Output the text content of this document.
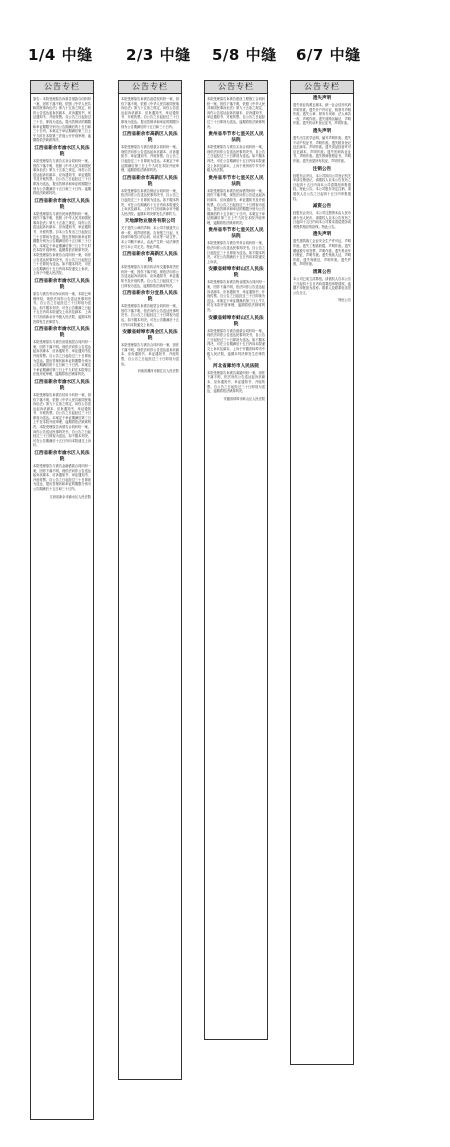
1/4 中缝 2/3 中缝 5/8 中缝 6/7 中缝
公告专栏
原告：本院受理原告诉被告借款合同纠纷一案，因你下落不明，依照《中华人民共和国民事诉讼法》第九十五条之规定，向你公告送达起诉状副本、应诉通知书、举证通知书、开庭传票。自公告之日起经过三十日，即视为送达。提出答辩状的期限和举证期限分别为公告期满后的十五日和三十日内。本案定于举证期满后第三日上午九时在本院第三法庭公开开庭审理，逾期将依法缺席判决。
江西省新余市渝水区人民法院
本院受理原告与被告买卖合同纠纷一案，因你下落不明，依照《中华人民共和国民事诉讼法》第九十五条之规定，向你公告送达起诉状副本、应诉通知书、举证通知书及开庭传票。自公告之日起经过三十日即视为送达，提出答辩状和举证的期限分别为公告期满后十五日和三十日内。逾期将依法缺席判决。
江西省新余市渝水区人民法院
本院受理原告与被告民间借贷纠纷一案，因你下落不明，依照《中华人民共和国民事诉讼法》第九十五条之规定，向你公告送达起诉状副本、应诉通知书、举证通知书、开庭传票。自本公告发出之日起经过三十日即视为送达。提出答辩状和举证的期限分别为公告期满后的十五日和三十日内。本案定于举证期满后第三日上午九时在本院开庭审理，逾期将依法缺席判决。本院受理原告诉被告合同纠纷一案，向你公告送达民事判决书，自公告之日起经过三十日即视为送达。如不服本判决，可在公告期满后十五日内向本院递交上诉状，上诉于中级人民法院。
江西省新余市渝水区人民法院
原告与被告劳动争议纠纷一案，本院已审理终结，现依法向你公告送达民事判决书。自公告之日起经过三十日即视为送达。如不服本判决，可在公告期满之日起十五日内向本院递交上诉状及副本，上诉于江西省新余市中级人民法院，逾期本判决即发生法律效力。
江西省新余市渝水区人民法院
本院受理原告与被告房屋租赁合同纠纷一案，因你下落不明，现依法向你公告送达起诉状副本、应诉通知书、举证通知书及开庭传票。自公告之日起经过三十日即视为送达。提出答辩状和举证的期限分别为公告期满后的十五日和三十日内。本案定于举证期满后第三日上午九时在本院第五法庭开庭审理，逾期将依法缺席判决。
江西省新余市渝水区人民法院
本院受理原告诉被告信用卡纠纷一案，因你下落不明，依照《中华人民共和国民事诉讼法》第九十五条之规定，向你公告送达起诉状副本、应诉通知书、举证通知书、开庭传票。自公告之日起经过三十日即视为送达。本案定于举证期满后第三日上午在本院开庭审理，逾期将依法缺席判决。本院受理原告诉被告合同纠纷一案，向你公告送达民事判决书，自公告之日起经过三十日即视为送达。如不服本判决，可在公告期满后十五日内向本院递交上诉状。
江西省新余市渝水区人民法院
本院受理原告与被告金融借款合同纠纷一案，因你下落不明，现依法向你公告送达起诉状副本、应诉通知书、举证通知书、开庭传票。自公告之日起经过三十日即视为送达，提出答辩状和举证的期限分别为公告期满后十五日和三十日内。
江西省新余市渝水区人民法院
公告专栏
本院受理原告诉被告追偿权纠纷一案，因你下落不明，依照《中华人民共和国民事诉讼法》第九十五条之规定，向你公告送达起诉状副本、应诉通知书、举证通知书、开庭传票。自公告之日起经过三十日即视为送达。提出答辩状和举证的期限分别为公告期满后的十五日和三十日内。
江西省新余市高新区人民法院
本院受理原告与被告借款合同纠纷一案，现依法向你公告送达起诉状副本、应诉通知书、举证通知书、开庭传票。自公告之日起经过三十日即视为送达。本案定于举证期满后第三日上午九时在本院开庭审理，逾期将依法缺席判决。
江西省新余市高新区人民法院
本院受理原告诉被告保证合同纠纷一案，依法向你公告送达民事判决书，自公告之日起经过三十日即视为送达。如不服本判决，可在公告期满后十五日内向本院递交上诉状及副本，上诉于江西省新余市中级人民法院。逾期本判决即发生法律效力。
天地源物业服务有限公司
关于遗失公章的声明：本公司不慎遗失公章一枚，现声明作废。自登报之日起，凡持该印章签订的合同、协议等一切文件，本公司概不承认，由此产生的一切法律责任与本公司无关。特此声明。
江西省新余市高新区人民法院
本院受理原告与被告机动车交通事故责任纠纷一案，因你下落不明，现依法向你公告送达起诉状副本、应诉通知书、举证通知书及开庭传票。自公告之日起经过三十日即视为送达，逾期将依法缺席判决。
江西省新余市分宜县人民法院
本院受理原告诉被告租赁合同纠纷一案，因你下落不明，依法向你公告送达民事判决书。自公告之日起经过三十日即视为送达。如不服本判决，可在公告期满后十五日内向本院递交上诉状。
安徽省蚌埠市禹会区人民法院
本院受理原告与被告合同纠纷一案，因你下落不明，现依法向你公告送达起诉状副本、应诉通知书、举证通知书、开庭传票，自公告之日起经过三十日即视为送达。
河南省漯河市源汇区人民法院
公告专栏
本院受理原告诉被告建设工程施工合同纠纷一案，因你下落不明，依照《中华人民共和国民事诉讼法》第九十五条之规定，向你公告送达起诉状副本、应诉通知书、举证通知书、开庭传票。自公告之日起经过三十日即视为送达，逾期将依法缺席判决。
贵州省毕节市七星关区人民法院
本院受理原告与被告买卖合同纠纷一案，现依法向你公告送达民事判决书，自公告之日起经过三十日即视为送达。如不服本判决，可在公告期满后十五日内向本院递交上诉状及副本，上诉于贵州省毕节市中级人民法院。
贵州省毕节市七星关区人民法院
本院受理原告诉被告民间借贷纠纷一案，因你下落不明，现依法向你公告送达起诉状副本、应诉通知书、举证通知书及开庭传票。自公告之日起经过三十日即视为送达。提出答辩状和举证的期限分别为公告期满后的十五日和三十日内。本案定于举证期满后第三日上午九时在本院开庭审理，逾期将依法缺席判决。
贵州省毕节市七星关区人民法院
本院受理原告与被告劳务合同纠纷一案，依法向你公告送达民事判决书。自公告之日起经过三十日即视为送达。如不服本判决，可在公告期满后十五日内向本院递交上诉状。
安徽省蚌埠市蚌山区人民法院
本院受理原告诉被告物业服务合同纠纷一案，因你下落不明，依法向你公告送达起诉状副本、应诉通知书、举证通知书、开庭传票。自公告之日起经过三十日即视为送达。本案定于举证期满后第三日上午九时在本院开庭审理，逾期将依法缺席判决。
安徽省蚌埠市蚌山区人民法院
本院受理原告与被告借款合同纠纷一案，现依法向你公告送达民事判决书，自公告之日起经过三十日即视为送达。如不服本判决，可在公告期满后十五日内向本院递交上诉状及副本，上诉于安徽省蚌埠市中级人民法院，逾期本判决即发生法律效力。
河北省廊坊市人民法院
本院受理原告诉被告离婚纠纷一案，因你下落不明，依法向你公告送达起诉状副本、应诉通知书、举证通知书、开庭传票。自公告之日起经过三十日即视为送达，逾期将依法缺席判决。
安徽省蚌埠市蚌山区人民法院
公告专栏
遗失声明
遗失营业执照正副本，统一社会信用代码声明作废。遗失开户许可证，核准号声明作废。遗失公章、财务专用章、法人章各一枚，声明作废。遗失道路运输证，声明作废。遗失机动车登记证书，声明作废。
遗失声明
遗失出生医学证明，编号声明作废。遗失不动产权证书，声明作废。遗失税务登记证正副本，声明作废。遗失食品经营许可证正副本，声明作废。遗失医师执业证书，声明作废。遗失教师资格证书，声明作废。遗失房屋所有权证，声明作废。
注销公告
经股东会决议，本公司拟向公司登记机关申请注销登记，请债权人自本公告发布之日起四十五日内向本公司清算组申报债权。特此公告。本公司股东决定注销，请债权人自公告之日起四十五日内申报债权。
减资公告
经股东会决议，本公司注册资本由人民币减少至人民币，请债权人自本公告发布之日起四十五日内向本公司要求清偿债务或者提供相应的担保。特此公告。
遗失声明
遗失建筑施工企业安全生产许可证，声明作废。遗失工程款收据，声明作废。遗失增值税专用发票，声明作废。遗失机动车行驶证，声明作废。遗失残疾人证，声明作废。遗失驾驶证，声明作废。遗失护照，声明作废。
清算公告
本公司已成立清算组，请债权人自本公告之日起四十五日内向清算组申报债权，逾期不申报视为放弃。联系人及联系电话见公告全文。
特此公告
